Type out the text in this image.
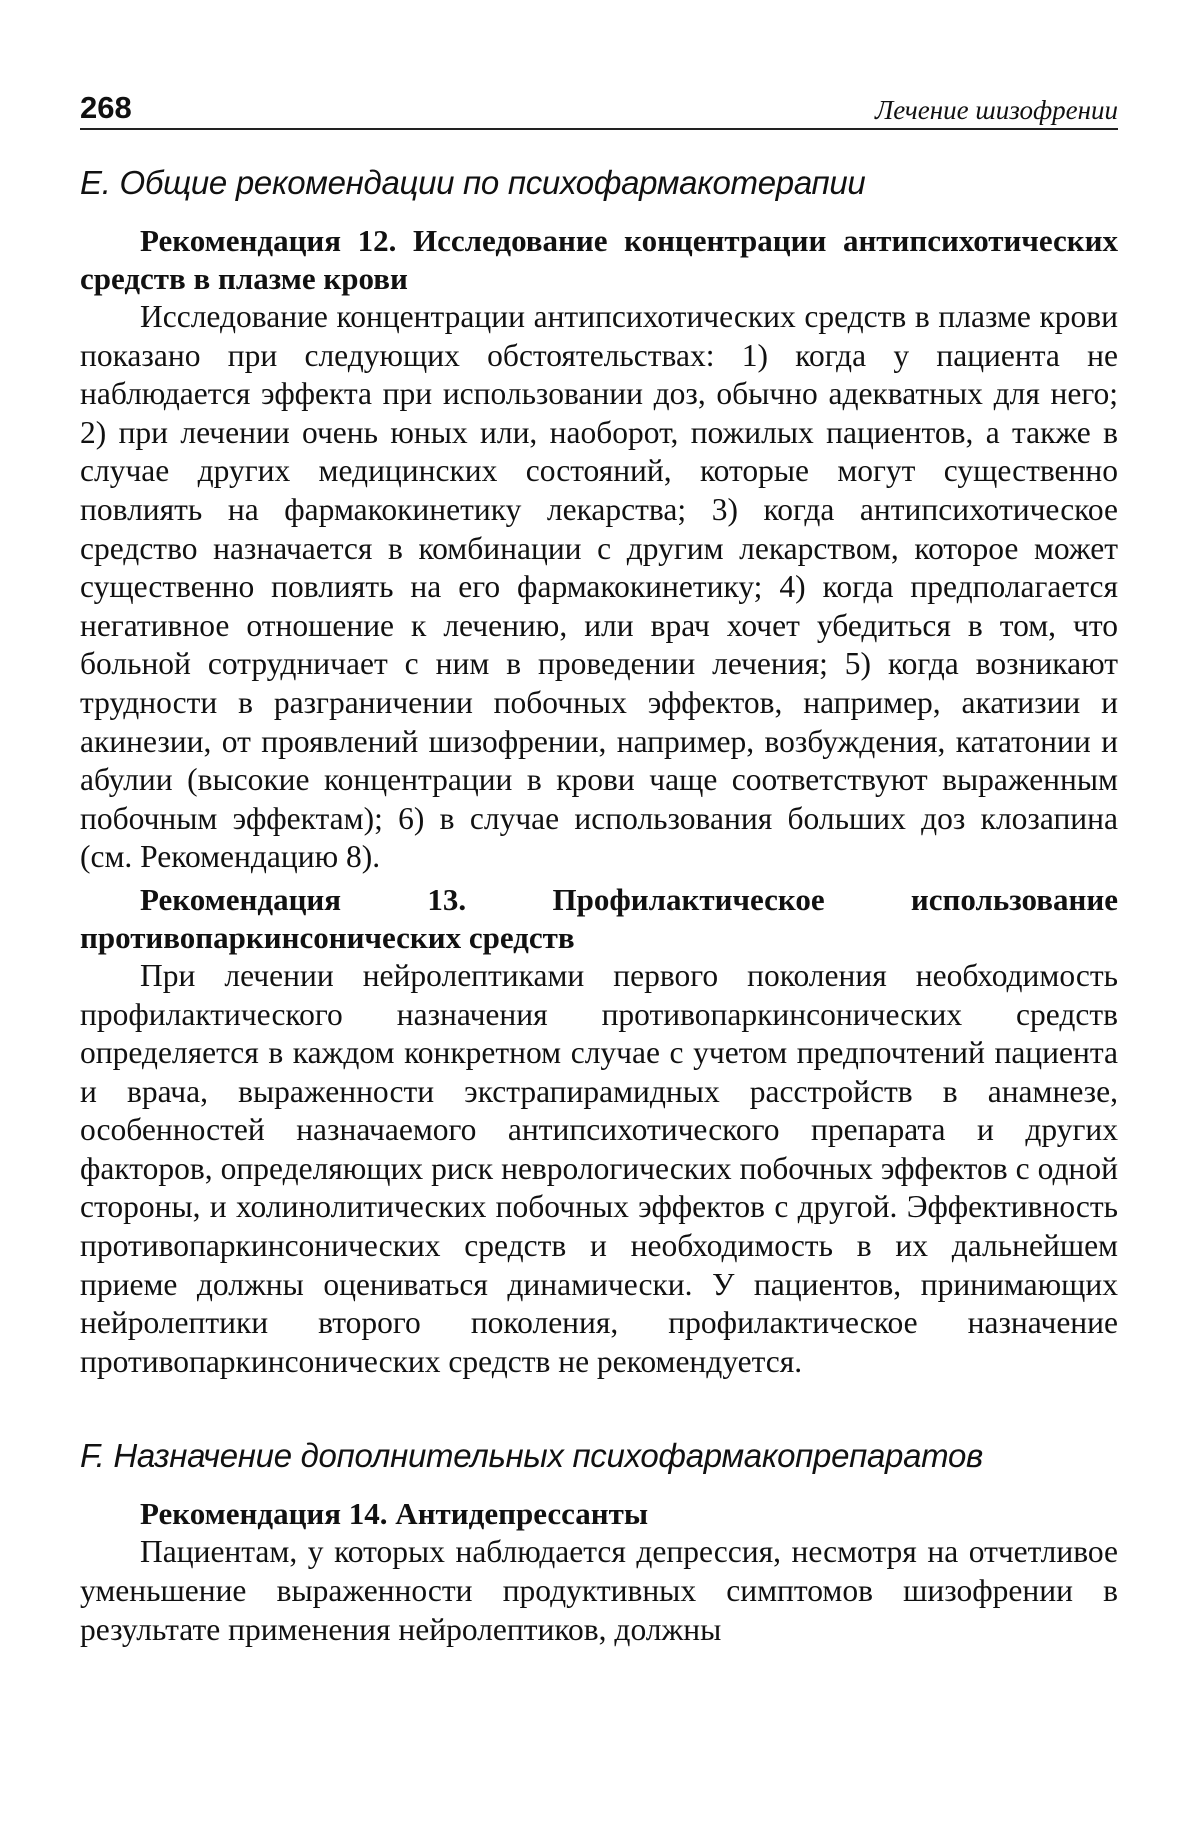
268	Лечение шизофрении
E. Общие рекомендации по психофармакотерапии

Рекомендация 12. Исследование концентрации антипсихотических средств в плазме крови

Исследование концентрации антипсихотических средств в плазме крови показано при следующих обстоятельствах: 1) когда у пациента не наблюдается эффекта при использовании доз, обычно адекватных для него; 2) при лечении очень юных или, наоборот, пожилых пациентов, а также в случае других медицинских состояний, которые могут существенно повлиять на фармакокинетику лекарства; 3) когда антипсихотическое средство назначается в комбинации с другим лекарством, которое может существенно повлиять на его фармакокинетику; 4) когда предполагается негативное отношение к лечению, или врач хочет убедиться в том, что больной сотрудничает с ним в проведении лечения; 5) когда возникают трудности в разграничении побочных эффектов, например, акатизии и акинезии, от проявлений шизофрении, например, возбуждения, кататонии и абулии (высокие концентрации в крови чаще соответствуют выраженным побочным эффектам); 6) в случае использования больших доз клозапина (см. Рекомендацию 8).

Рекомендация 13. Профилактическое использование противопаркинсонических средств

При лечении нейролептиками первого поколения необходимость профилактического назначения противопаркинсонических средств определяется в каждом конкретном случае с учетом предпочтений пациента и врача, выраженности экстрапирамидных расстройств в анамнезе, особенностей назначаемого антипсихотического препарата и других факторов, определяющих риск неврологических побочных эффектов с одной стороны, и холинолитических побочных эффектов с другой. Эффективность противопаркинсонических средств и необходимость в их дальнейшем приеме должны оцениваться динамически. У пациентов, принимающих нейролептики второго поколения, профилактическое назначение противопаркинсонических средств не рекомендуется.

F. Назначение дополнительных психофармакопрепаратов

Рекомендация 14. Антидепрессанты

Пациентам, у которых наблюдается депрессия, несмотря на отчетливое уменьшение выраженности продуктивных симптомов шизофрении в результате применения нейролептиков, должны
